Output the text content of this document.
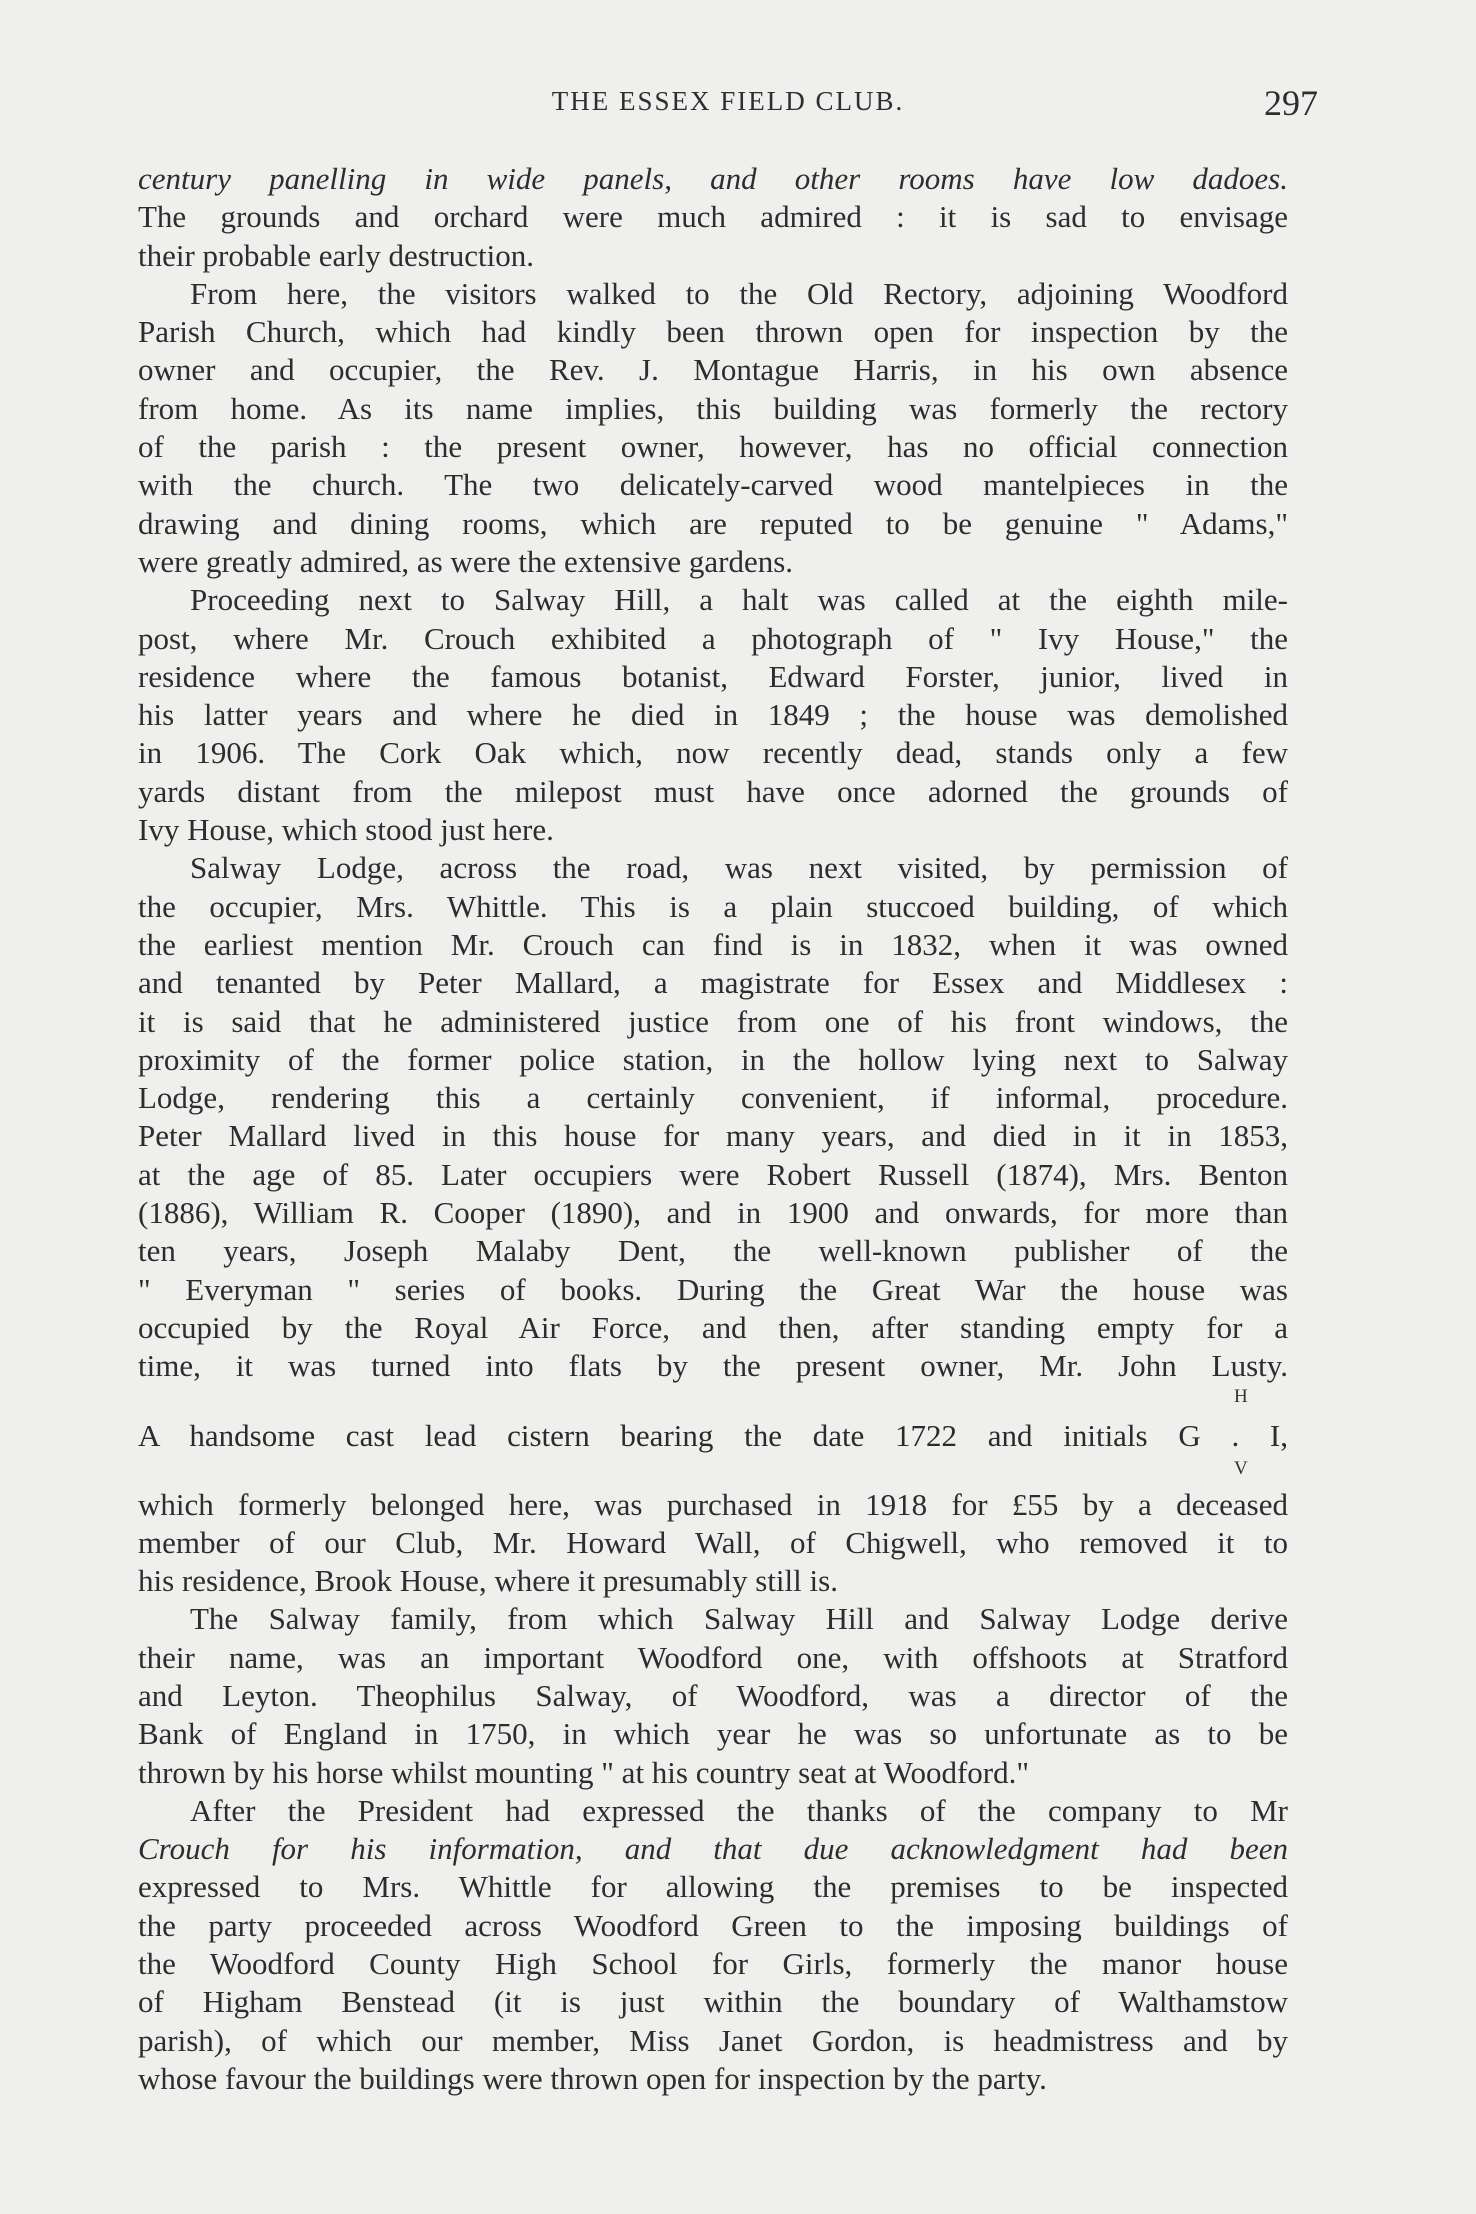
THE ESSEX FIELD CLUB.	297
century panelling in wide panels, and other rooms have low dadoes.
The grounds and orchard were much admired : it is sad to envisage
their probable early destruction.
From here, the visitors walked to the Old Rectory, adjoining Woodford
Parish Church, which had kindly been thrown open for inspection by the
owner and occupier, the Rev. J. Montague Harris, in his own absence
from home. As its name implies, this building was formerly the rectory
of the parish : the present owner, however, has no official connection
with the church. The two delicately-carved wood mantelpieces in the
drawing and dining rooms, which are reputed to be genuine " Adams,"
were greatly admired, as were the extensive gardens.
Proceeding next to Salway Hill, a halt was called at the eighth mile-
post, where Mr. Crouch exhibited a photograph of " Ivy House," the
residence where the famous botanist, Edward Forster, junior, lived in
his latter years and where he died in 1849 ; the house was demolished
in 1906. The Cork Oak which, now recently dead, stands only a few
yards distant from the milepost must have once adorned the grounds of
Ivy House, which stood just here.
Salway Lodge, across the road, was next visited, by permission of
the occupier, Mrs. Whittle. This is a plain stuccoed building, of which
the earliest mention Mr. Crouch can find is in 1832, when it was owned
and tenanted by Peter Mallard, a magistrate for Essex and Middlesex :
it is said that he administered justice from one of his front windows, the
proximity of the former police station, in the hollow lying next to Salway
Lodge, rendering this a certainly convenient, if informal, procedure.
Peter Mallard lived in this house for many years, and died in it in 1853,
at the age of 85. Later occupiers were Robert Russell (1874), Mrs. Benton
(1886), William R. Cooper (1890), and in 1900 and onwards, for more than
ten years, Joseph Malaby Dent, the well-known publisher of the
" Everyman " series of books. During the Great War the house was
occupied by the Royal Air Force, and then, after standing empty for a
time, it was turned into flats by the present owner, Mr. John Lusty.
H
A handsome cast lead cistern bearing the date 1722 and initials G . I,
V
which formerly belonged here, was purchased in 1918 for £55 by a deceased
member of our Club, Mr. Howard Wall, of Chigwell, who removed it to
his residence, Brook House, where it presumably still is.
The Salway family, from which Salway Hill and Salway Lodge derive
their name, was an important Woodford one, with offshoots at Stratford
and Leyton. Theophilus Salway, of Woodford, was a director of the
Bank of England in 1750, in which year he was so unfortunate as to be
thrown by his horse whilst mounting " at his country seat at Woodford."
After the President had expressed the thanks of the company to Mr
Crouch for his information, and that due acknowledgment had been
expressed to Mrs. Whittle for allowing the premises to be inspected
the party proceeded across Woodford Green to the imposing buildings of
the Woodford County High School for Girls, formerly the manor house
of Higham Benstead (it is just within the boundary of Walthamstow
parish), of which our member, Miss Janet Gordon, is headmistress and by
whose favour the buildings were thrown open for inspection by the party.
